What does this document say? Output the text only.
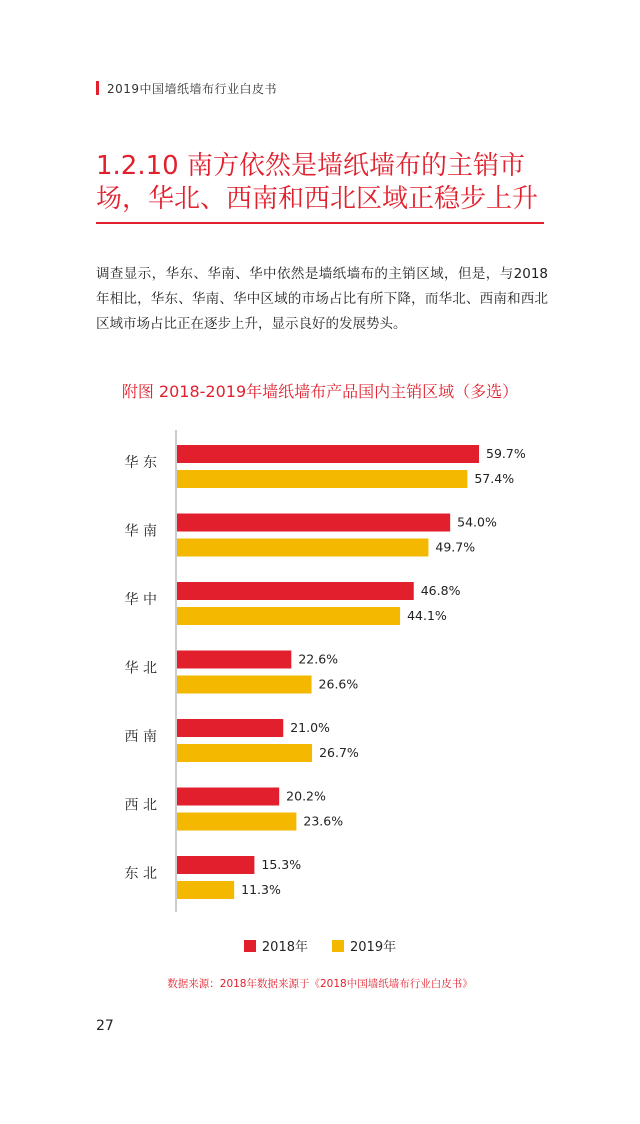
2019中国墙纸墙布行业白皮书
1.2.10 南方依然是墙纸墙布的主销市场，华北、西南和西北区域正稳步上升
调查显示，华东、华南、华中依然是墙纸墙布的主销区域，但是，与2018年相比，华东、华南、华中区域的市场占比有所下降，而华北、西南和西北区域市场占比正在逐步上升，显示良好的发展势头。
附图 2018-2019年墙纸墙布产品国内主销区域（多选）
华 东
59.7%
57.4%
华 南
54.0%
49.7%
华 中
46.8%
44.1%
华 北
22.6%
26.6%
西 南
21.0%
26.7%
西 北
20.2%
23.6%
东 北
15.3%
11.3%
2018年	2019年
数据来源：2018年数据来源于《2018中国墙纸墙布行业白皮书》
27
